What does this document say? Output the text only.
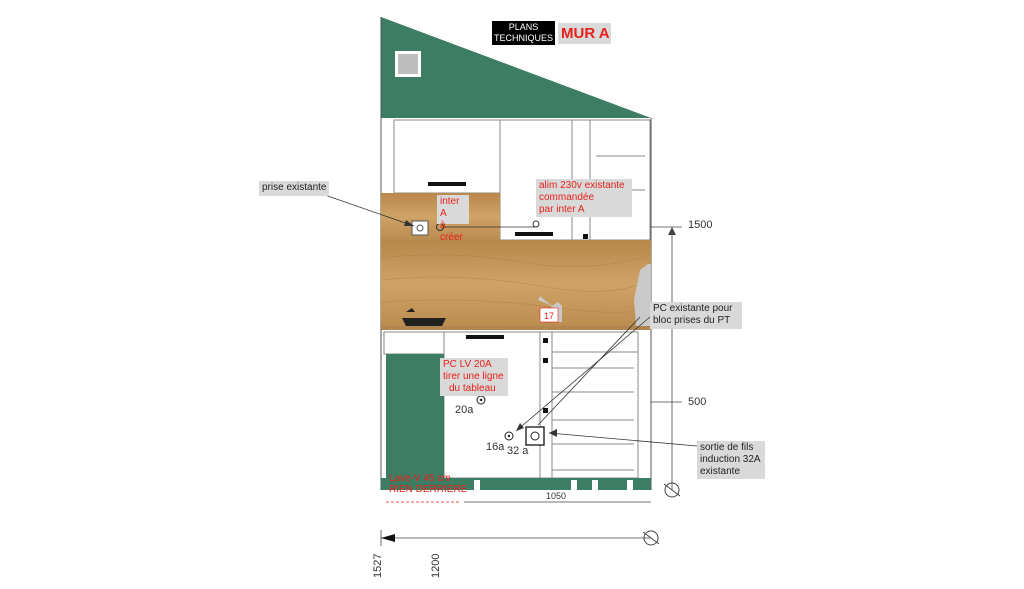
17
PLANS
TECHNIQUES MUR A
prise existante
inter A
à créer
alim 230v existante
commandée
par inter A
PC existante pour
bloc prises du PT
PC LV 20A
tirer une ligne
du tableau
sortie de fils
induction 32A
existante
Lave-V 45 cm
RIEN DERRIERE
20a
16a 32 a
1500
500
1050
1527	1200
